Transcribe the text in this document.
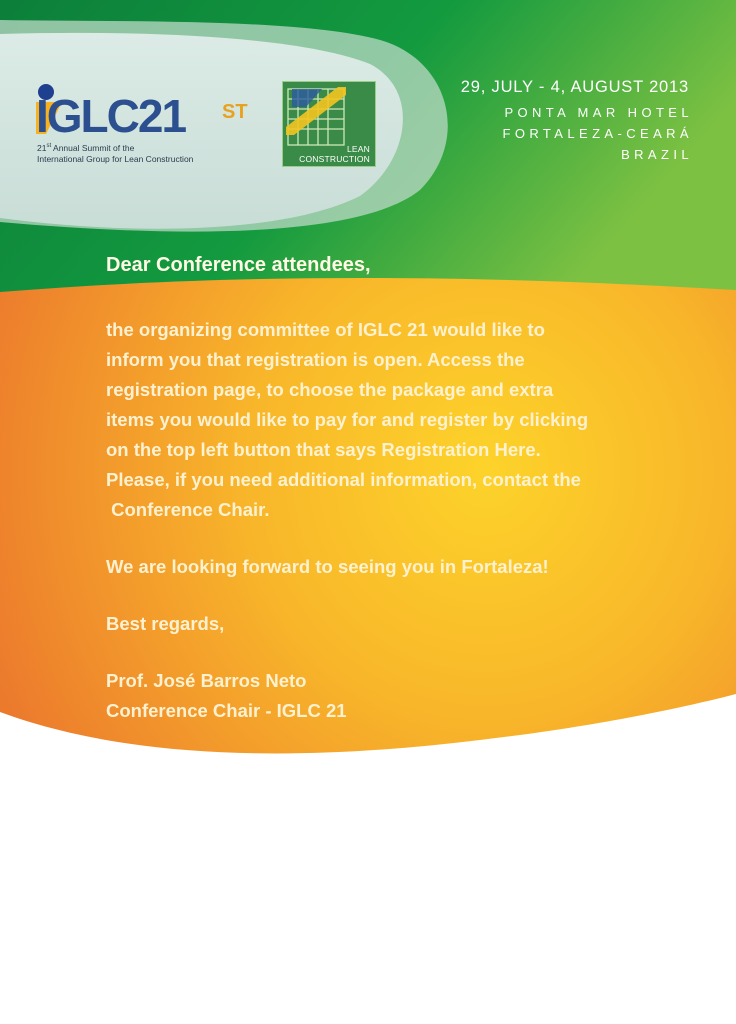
IGLC21 ST
21st Annual Summit of the
International Group for Lean Construction
LEAN
CONSTRUCTION
29, JULY - 4, AUGUST 2013
PONTA MAR HOTEL
FORTALEZA-CEARÁ
BRAZIL
Dear Conference attendees,
the organizing committee of IGLC 21 would like to
inform you that registration is open. Access the
registration page, to choose the package and extra
items you would like to pay for and register by clicking
on the top left button that says Registration Here.
Please, if you need additional information, contact the
Conference Chair.
We are looking forward to seeing you in Fortaleza!
Best regards,
Prof. José Barros Neto
Conference Chair - IGLC 21
